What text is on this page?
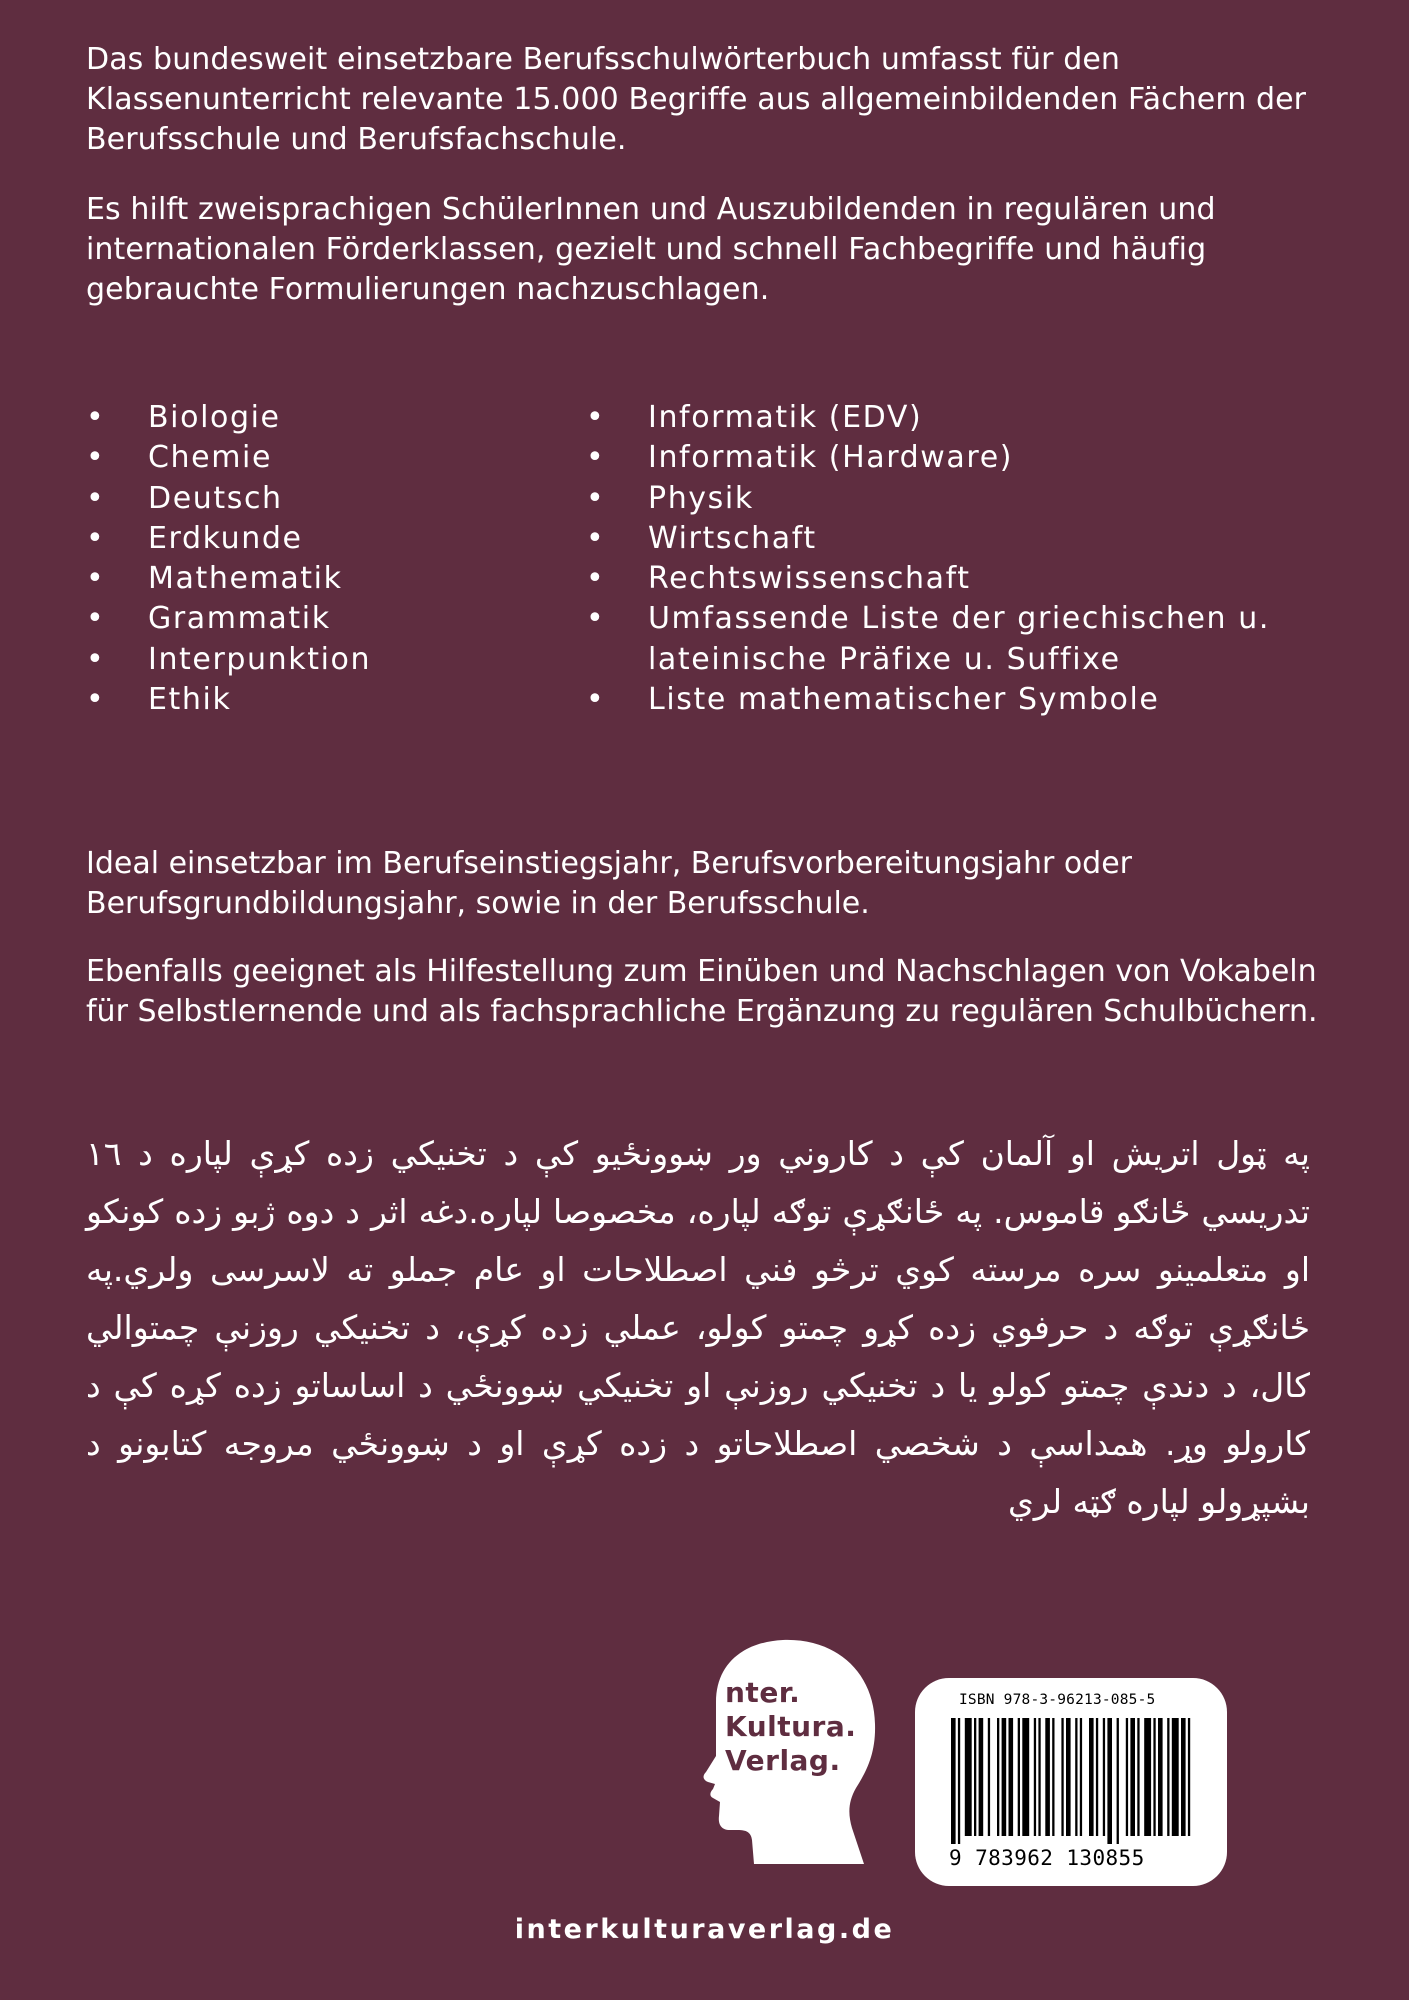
Das bundesweit einsetzbare Berufsschulwörterbuch umfasst für den Klassenunterricht relevante 15.000 Begriffe aus allgemeinbildenden Fächern der Berufsschule und Berufsfachschule.

Es hilft zweisprachigen SchülerInnen und Auszubildenden in regulären und internationalen Förderklassen, gezielt und schnell Fachbegriffe und häufig gebrauchte Formulierungen nachzuschlagen.

• Biologie
• Chemie
• Deutsch
• Erdkunde
• Mathematik
• Grammatik
• Interpunktion
• Ethik
• Informatik (EDV)
• Informatik (Hardware)
• Physik
• Wirtschaft
• Rechtswissenschaft
• Umfassende Liste der griechischen u. lateinische Präfixe u. Suffixe
• Liste mathematischer Symbole

Ideal einsetzbar im Berufseinstiegsjahr, Berufsvorbereitungsjahr oder Berufsgrundbildungsjahr, sowie in der Berufsschule.

Ebenfalls geeignet als Hilfestellung zum Einüben und Nachschlagen von Vokabeln für Selbstlernende und als fachsprachliche Ergänzung zu regulären Schulbüchern.

په ټول اتریش او آلمان کې د کاروني ور ښوونځیو کې د تخنیکي زده کړې لپاره د ١٦ تدریسي ځانګو قاموس. په ځانګړې توګه لپاره، مخصوصا لپاره.دغه اثر د دوه ژبو زده کونکو او متعلمینو سره مرسته کوي ترڅو فني اصطلاحات او عام جملو ته لاسرسی ولري.په ځانګړې توګه د حرفوي زده کړو چمتو کولو، عملي زده کړې، د تخنیکي روزنې چمتوالي کال، د دندې چمتو کولو یا د تخنیکي روزنې او تخنیکي ښوونځي د اساساتو زده کړه کې د کارولو وړ. همداسې د شخصي اصطلاحاتو د زده کړې او د ښوونځي مروجه کتابونو د بشپړولو لپاره ګټه لري

nter.
Kultura.
Verlag.
ISBN 978-3-96213-085-5
9 783962 130855
interkulturaverlag.de
